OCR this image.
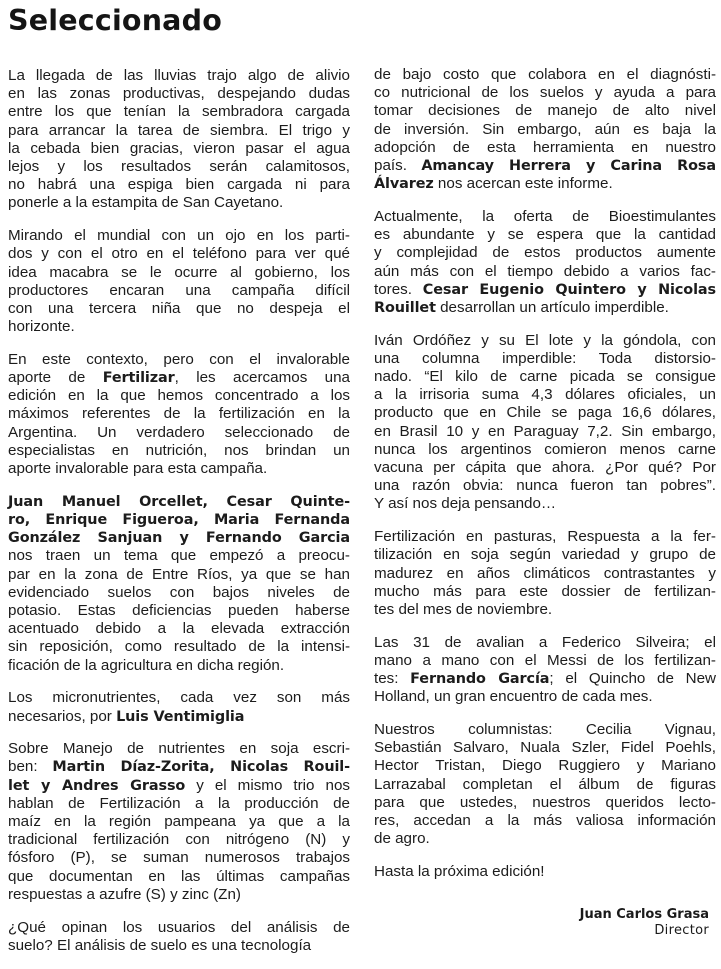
Seleccionado

La llegada de las lluvias trajo algo de alivio
en las zonas productivas, despejando dudas
entre los que tenían la sembradora cargada
para arrancar la tarea de siembra. El trigo y
la cebada bien gracias, vieron pasar el agua
lejos y los resultados serán calamitosos,
no habrá una espiga bien cargada ni para
ponerle a la estampita de San Cayetano.

Mirando el mundial con un ojo en los parti-
dos y con el otro en el teléfono para ver qué
idea macabra se le ocurre al gobierno, los
productores encaran una campaña difícil
con una tercera niña que no despeja el
horizonte.

En este contexto, pero con el invalorable
aporte de Fertilizar, les acercamos una
edición en la que hemos concentrado a los
máximos referentes de la fertilización en la
Argentina. Un verdadero seleccionado de
especialistas en nutrición, nos brindan un
aporte invalorable para esta campaña.

Juan Manuel Orcellet, Cesar Quinte-
ro, Enrique Figueroa, Maria Fernanda
González Sanjuan y Fernando Garcia
nos traen un tema que empezó a preocu-
par en la zona de Entre Ríos, ya que se han
evidenciado suelos con bajos niveles de
potasio. Estas deficiencias pueden haberse
acentuado debido a la elevada extracción
sin reposición, como resultado de la intensi-
ficación de la agricultura en dicha región.

Los micronutrientes, cada vez son más
necesarios, por Luis Ventimiglia

Sobre Manejo de nutrientes en soja escri-
ben: Martin Díaz-Zorita, Nicolas Rouil-
let y Andres Grasso y el mismo trio nos
hablan de Fertilización a la producción de
maíz en la región pampeana ya que a la
tradicional fertilización con nitrógeno (N) y
fósforo (P), se suman numerosos trabajos
que documentan en las últimas campañas
respuestas a azufre (S) y zinc (Zn)

¿Qué opinan los usuarios del análisis de
suelo? El análisis de suelo es una tecnología

de bajo costo que colabora en el diagnósti-
co nutricional de los suelos y ayuda a para
tomar decisiones de manejo de alto nivel
de inversión. Sin embargo, aún es baja la
adopción de esta herramienta en nuestro
país. Amancay Herrera y Carina Rosa
Álvarez nos acercan este informe.

Actualmente, la oferta de Bioestimulantes
es abundante y se espera que la cantidad
y complejidad de estos productos aumente
aún más con el tiempo debido a varios fac-
tores. Cesar Eugenio Quintero y Nicolas
Rouillet desarrollan un artículo imperdible.

Iván Ordóñez y su El lote y la góndola, con
una columna imperdible: Toda distorsio-
nado. “El kilo de carne picada se consigue
a la irrisoria suma 4,3 dólares oficiales, un
producto que en Chile se paga 16,6 dólares,
en Brasil 10 y en Paraguay 7,2. Sin embargo,
nunca los argentinos comieron menos carne
vacuna per cápita que ahora. ¿Por qué? Por
una razón obvia: nunca fueron tan pobres”.
Y así nos deja pensando…

Fertilización en pasturas, Respuesta a la fer-
tilización en soja según variedad y grupo de
madurez en años climáticos contrastantes y
mucho más para este dossier de fertilizan-
tes del mes de noviembre.

Las 31 de avalian a Federico Silveira; el
mano a mano con el Messi de los fertilizan-
tes: Fernando García; el Quincho de New
Holland, un gran encuentro de cada mes.

Nuestros columnistas: Cecilia Vignau,
Sebastián Salvaro, Nuala Szler, Fidel Poehls,
Hector Tristan, Diego Ruggiero y Mariano
Larrazabal completan el álbum de figuras
para que ustedes, nuestros queridos lecto-
res, accedan a la más valiosa información
de agro.

Hasta la próxima edición!

Juan Carlos Grasa
Director
